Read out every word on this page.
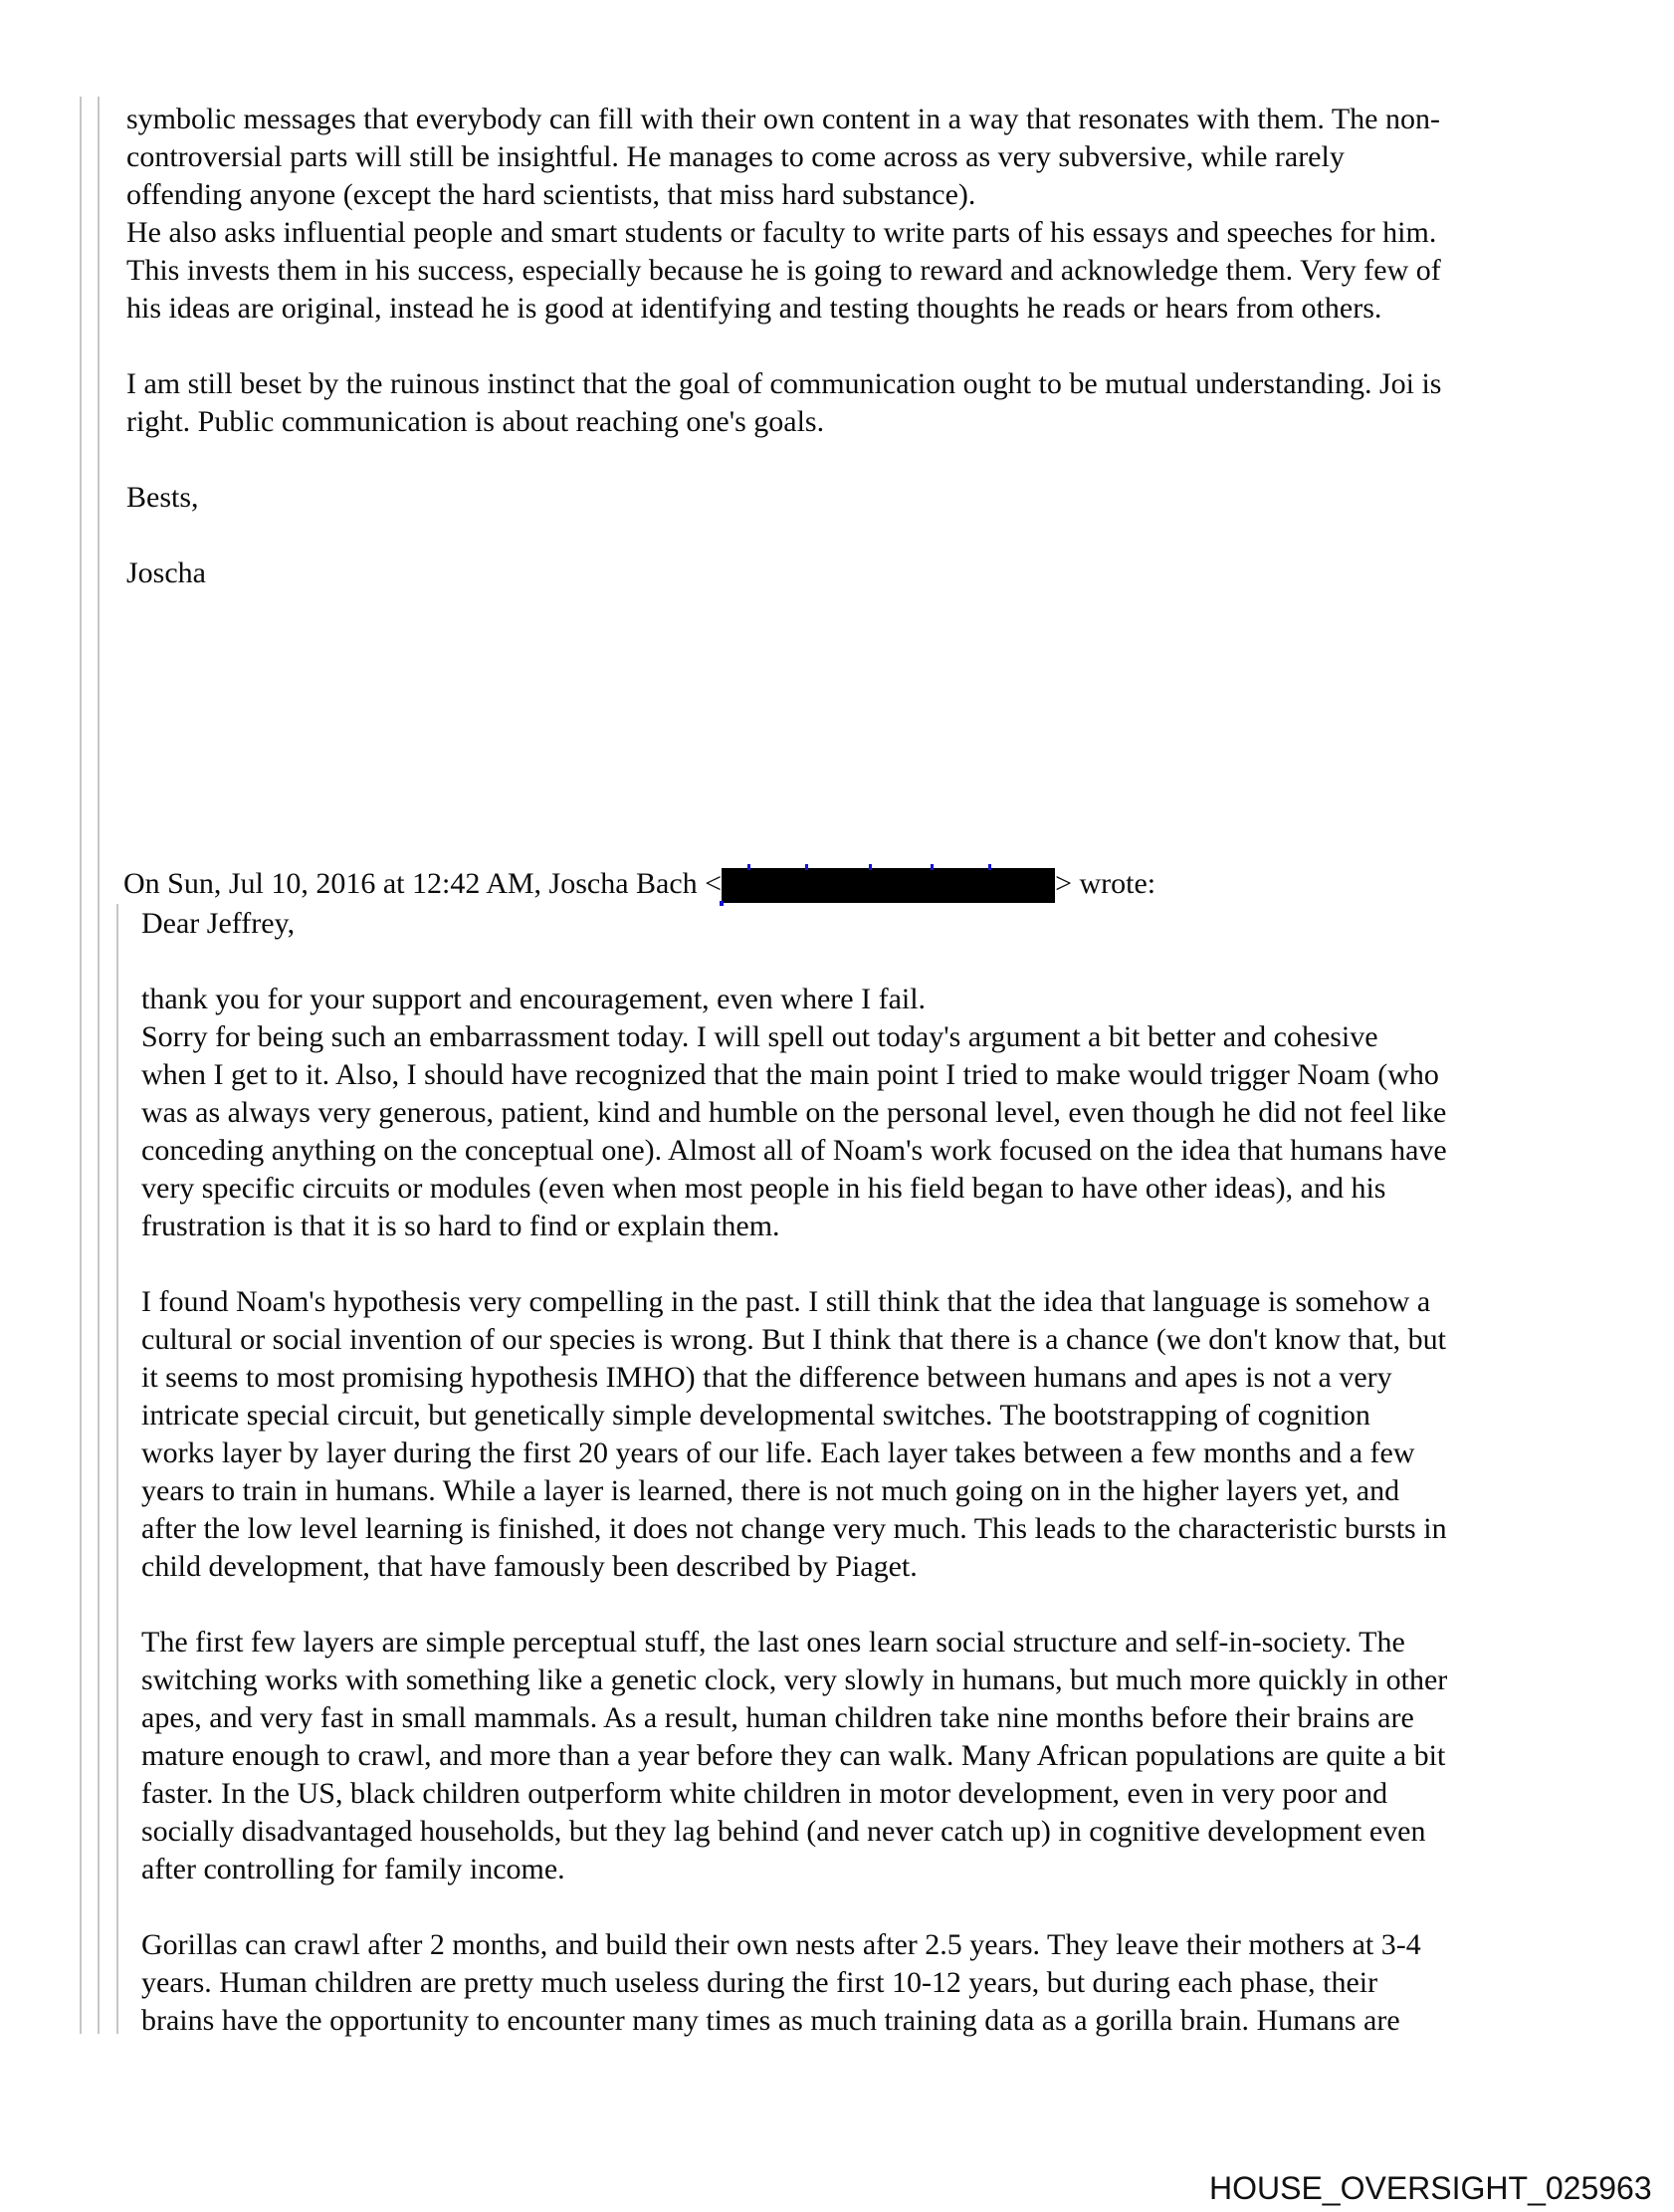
symbolic messages that everybody can fill with their own content in a way that resonates with them. The non-
controversial parts will still be insightful. He manages to come across as very subversive, while rarely
offending anyone (except the hard scientists, that miss hard substance).
He also asks influential people and smart students or faculty to write parts of his essays and speeches for him.
This invests them in his success, especially because he is going to reward and acknowledge them. Very few of
his ideas are original, instead he is good at identifying and testing thoughts he reads or hears from others.

I am still beset by the ruinous instinct that the goal of communication ought to be mutual understanding. Joi is
right. Public communication is about reaching one's goals.

Bests,

Joscha
On Sun, Jul 10, 2016 at 12:42 AM, Joscha Bach <	> wrote:
Dear Jeffrey,

thank you for your support and encouragement, even where I fail.
Sorry for being such an embarrassment today. I will spell out today's argument a bit better and cohesive
when I get to it. Also, I should have recognized that the main point I tried to make would trigger Noam (who
was as always very generous, patient, kind and humble on the personal level, even though he did not feel like
conceding anything on the conceptual one). Almost all of Noam's work focused on the idea that humans have
very specific circuits or modules (even when most people in his field began to have other ideas), and his
frustration is that it is so hard to find or explain them.

I found Noam's hypothesis very compelling in the past. I still think that the idea that language is somehow a
cultural or social invention of our species is wrong. But I think that there is a chance (we don't know that, but
it seems to most promising hypothesis IMHO) that the difference between humans and apes is not a very
intricate special circuit, but genetically simple developmental switches. The bootstrapping of cognition
works layer by layer during the first 20 years of our life. Each layer takes between a few months and a few
years to train in humans. While a layer is learned, there is not much going on in the higher layers yet, and
after the low level learning is finished, it does not change very much. This leads to the characteristic bursts in
child development, that have famously been described by Piaget.

The first few layers are simple perceptual stuff, the last ones learn social structure and self-in-society. The
switching works with something like a genetic clock, very slowly in humans, but much more quickly in other
apes, and very fast in small mammals. As a result, human children take nine months before their brains are
mature enough to crawl, and more than a year before they can walk. Many African populations are quite a bit
faster. In the US, black children outperform white children in motor development, even in very poor and
socially disadvantaged households, but they lag behind (and never catch up) in cognitive development even
after controlling for family income.

Gorillas can crawl after 2 months, and build their own nests after 2.5 years. They leave their mothers at 3-4
years. Human children are pretty much useless during the first 10-12 years, but during each phase, their
brains have the opportunity to encounter many times as much training data as a gorilla brain. Humans are
HOUSE_OVERSIGHT_025963
